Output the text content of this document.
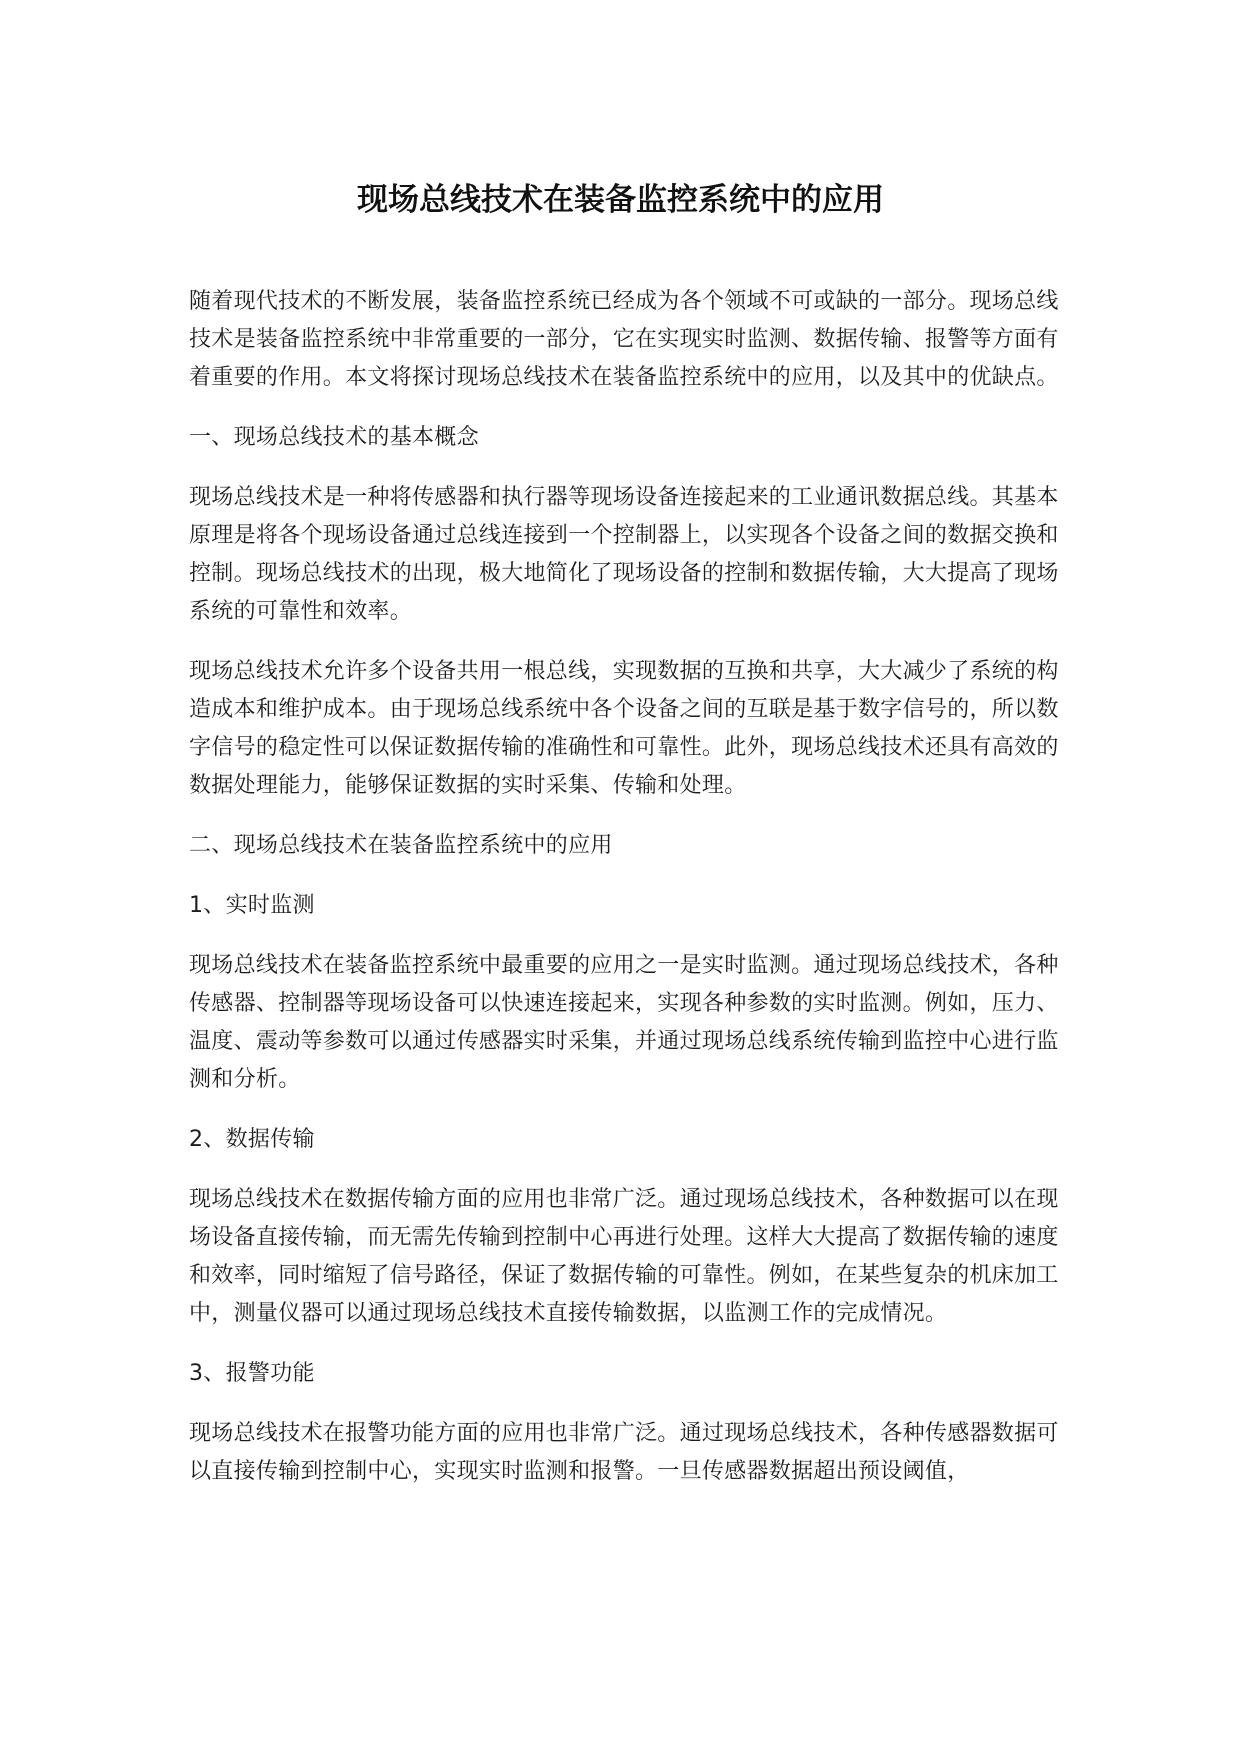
现场总线技术在装备监控系统中的应用

随着现代技术的不断发展，装备监控系统已经成为各个领域不可或缺的一部分。现场总线技术是装备监控系统中非常重要的一部分，它在实现实时监测、数据传输、报警等方面有着重要的作用。本文将探讨现场总线技术在装备监控系统中的应用，以及其中的优缺点。

一、现场总线技术的基本概念

现场总线技术是一种将传感器和执行器等现场设备连接起来的工业通讯数据总线。其基本原理是将各个现场设备通过总线连接到一个控制器上，以实现各个设备之间的数据交换和控制。现场总线技术的出现，极大地简化了现场设备的控制和数据传输，大大提高了现场系统的可靠性和效率。

现场总线技术允许多个设备共用一根总线，实现数据的互换和共享，大大减少了系统的构造成本和维护成本。由于现场总线系统中各个设备之间的互联是基于数字信号的，所以数字信号的稳定性可以保证数据传输的准确性和可靠性。此外，现场总线技术还具有高效的数据处理能力，能够保证数据的实时采集、传输和处理。

二、现场总线技术在装备监控系统中的应用

1、实时监测

现场总线技术在装备监控系统中最重要的应用之一是实时监测。通过现场总线技术，各种传感器、控制器等现场设备可以快速连接起来，实现各种参数的实时监测。例如，压力、温度、震动等参数可以通过传感器实时采集，并通过现场总线系统传输到监控中心进行监测和分析。

2、数据传输

现场总线技术在数据传输方面的应用也非常广泛。通过现场总线技术，各种数据可以在现场设备直接传输，而无需先传输到控制中心再进行处理。这样大大提高了数据传输的速度和效率，同时缩短了信号路径，保证了数据传输的可靠性。例如，在某些复杂的机床加工中，测量仪器可以通过现场总线技术直接传输数据，以监测工作的完成情况。

3、报警功能

现场总线技术在报警功能方面的应用也非常广泛。通过现场总线技术，各种传感器数据可以直接传输到控制中心，实现实时监测和报警。一旦传感器数据超出预设阈值，
